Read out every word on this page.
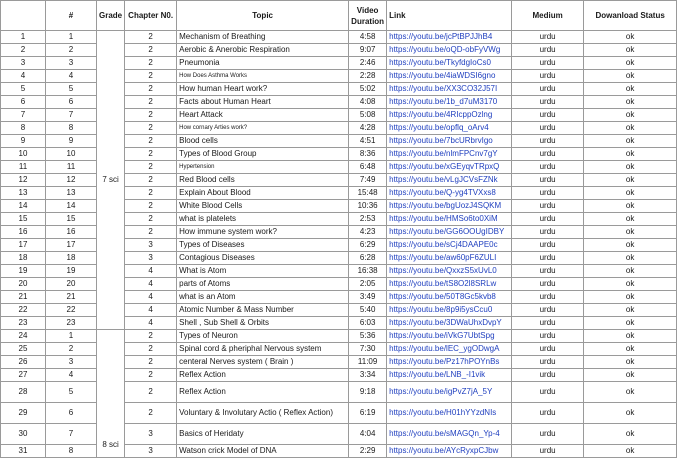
	#	Grade	Chapter N0.	Topic	Video Duration	Link	Medium	Dowanload Status
1	1	7 sci	2	Mechanism of Breathing	4:58	https://youtu.be/jcPtBPJJhB4	urdu	ok
2	2		2	Aerobic & Anerobic Respiration	9:07	https://youtu.be/oQD-obFyVWg	urdu	ok
3	3		2	Pneumonia	2:46	https://youtu.be/TkyfdgIoCs0	urdu	ok
4	4		2	How Does Asthma Works	2:28	https://youtu.be/4iaWDSI6gno	urdu	ok
5	5		2	How human Heart work?	5:02	https://youtu.be/XX3CO32J57I	urdu	ok
6	6		2	Facts about Human Heart	4:08	https://youtu.be/1b_d7uM3170	urdu	ok
7	7		2	Heart Attack	5:08	https://youtu.be/4RIcppOzlng	urdu	ok
8	8		2	How cornary Arties work?	4:28	https://youtu.be/opflq_oArv4	urdu	ok
9	9		2	Blood cells	4:51	https://youtu.be/7bcURbrvIgo	urdu	ok
10	10		2	Types of Blood Group	8:36	https://youtu.be/nlmFPCnv7gY	urdu	ok
11	11		2	Hypertension	6:48	https://youtu.be/xGEyqvTRpxQ	urdu	ok
12	12		2	Red Blood cells	7:49	https://youtu.be/vLgJCVsFZNk	urdu	ok
13	13		2	Explain About Blood	15:48	https://youtu.be/Q-yg4TVXxs8	urdu	ok
14	14		2	White Blood Cells	10:36	https://youtu.be/bgUozJ4SQKM	urdu	ok
15	15		2	what is platelets	2:53	https://youtu.be/HMSo6to0XiM	urdu	ok
16	16		2	How immune system work?	4:23	https://youtu.be/GG6OOUgIDBY	urdu	ok
17	17		3	Types of Diseases	6:29	https://youtu.be/sCj4DAAPE0c	urdu	ok
18	18		3	Contagious Diseases	6:28	https://youtu.be/aw60pF6ZULI	urdu	ok
19	19		4	What is Atom	16:38	https://youtu.be/QxxzS5xUvL0	urdu	ok
20	20		4	parts of Atoms	2:05	https://youtu.be/tS8O2l8SRLw	urdu	ok
21	21		4	what is an Atom	3:49	https://youtu.be/50T8Gc5kvb8	urdu	ok
22	22		4	Atomic Number & Mass Number	5:40	https://youtu.be/8p9i5ysCcu0	urdu	ok
23	23		4	Shell , Sub Shell & Orbits	6:03	https://youtu.be/3DWaUhxDvpY	urdu	ok
24	1	8 sci	2	Types of Neuron	5:36	https://youtu.be/iVkG7UbtSpg	urdu	ok
25	2		2	Spinal cord & pheriphal Nervous system	7:30	https://youtu.be/lEC_ygODwgA	urdu	ok
26	3		2	centeral Nerves system ( Brain )	11:09	https://youtu.be/Pz17hPOYnBs	urdu	ok
27	4		2	Reflex Action	3:34	https://youtu.be/LNB_-I1vik	urdu	ok
28	5		2	Reflex Action	9:18	https://youtu.be/igPvZ7jA_5Y	urdu	ok
29	6		2	Voluntary & Involutary Actio ( Reflex Action)	6:19	https://youtu.be/H01hYYzdNIs	urdu	ok
30	7		3	Basics of Heridaty	4:04	https://youtu.be/sMAGQn_Yp-4	urdu	ok
31	8		3	Watson crick Model of DNA	2:29	https://youtu.be/AYcRyxpCJbw	urdu	ok
